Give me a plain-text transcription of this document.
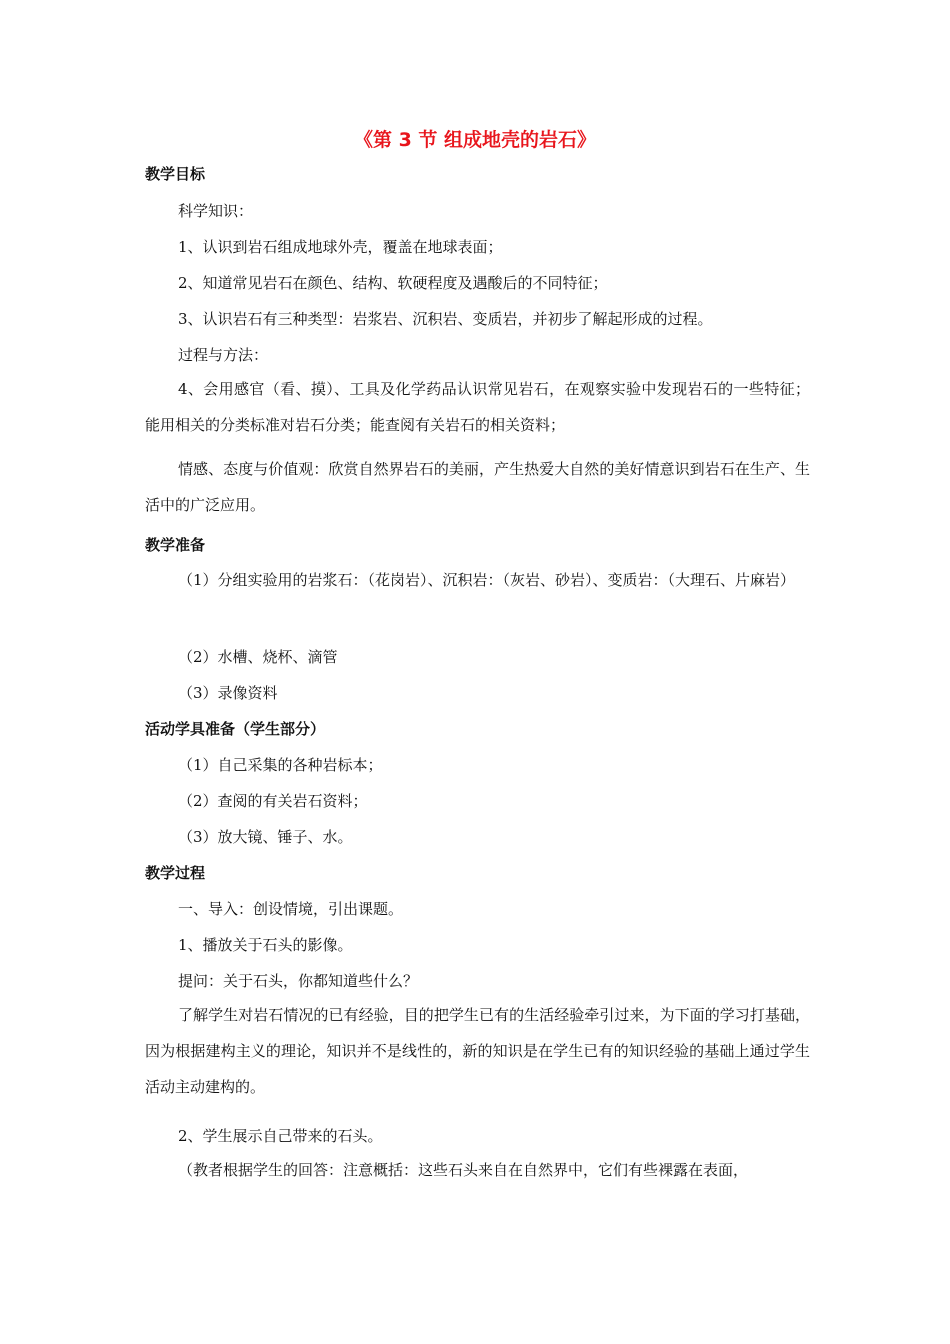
《第 3 节 组成地壳的岩石》
教学目标

科学知识：

1、认识到岩石组成地球外壳，覆盖在地球表面；

2、知道常见岩石在颜色、结构、软硬程度及遇酸后的不同特征；

3、认识岩石有三种类型：岩浆岩、沉积岩、变质岩，并初步了解起形成的过程。

过程与方法：

4、会用感官（看、摸）、工具及化学药品认识常见岩石，在观察实验中发现岩石的一些特征；能用相关的分类标准对岩石分类；能查阅有关岩石的相关资料；

情感、态度与价值观：欣赏自然界岩石的美丽，产生热爱大自然的美好情意识到岩石在生产、生活中的广泛应用。

教学准备

（1）分组实验用的岩浆石：（花岗岩）、沉积岩：（灰岩、砂岩）、变质岩：（大理石、片麻岩）

（2）水槽、烧杯、滴管

（3）录像资料

活动学具准备（学生部分）

（1）自己采集的各种岩标本；

（2）查阅的有关岩石资料；

（3）放大镜、锤子、水。

教学过程

一、导入：创设情境，引出课题。

1、播放关于石头的影像。

提问：关于石头，你都知道些什么？

了解学生对岩石情况的已有经验，目的把学生已有的生活经验牵引过来，为下面的学习打基础，因为根据建构主义的理论，知识并不是线性的，新的知识是在学生已有的知识经验的基础上通过学生活动主动建构的。

2、学生展示自己带来的石头。

（教者根据学生的回答：注意概括：这些石头来自在自然界中，它们有些裸露在表面，
